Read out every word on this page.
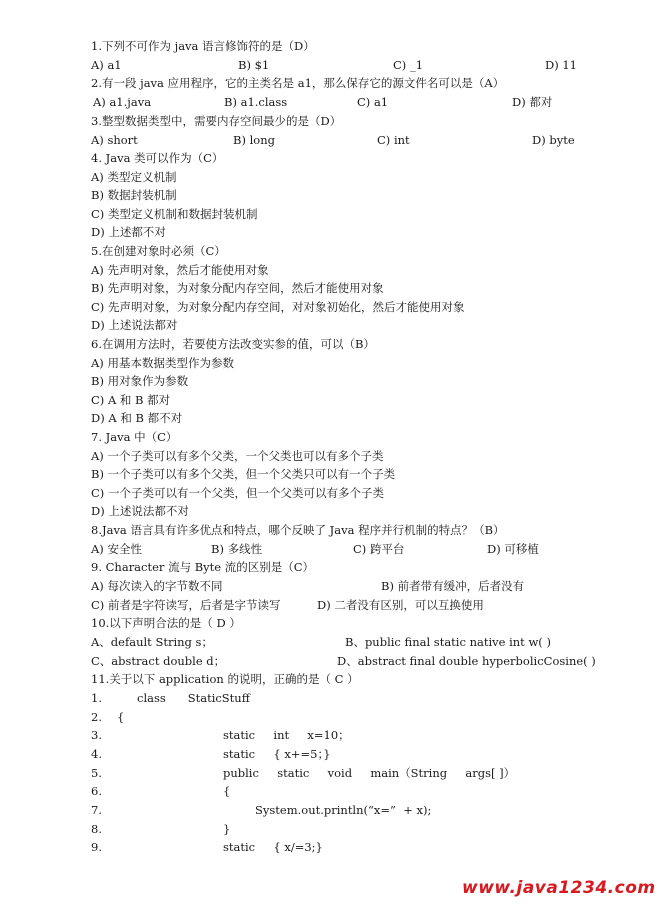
1.下列不可作为 java 语言修饰符的是（D）
A) a1	B) $1	C) _1	D) 11
2.有一段 java 应用程序，它的主类名是 a1，那么保存它的源文件名可以是（A）
A) a1.java	B) a1.class	C) a1	D) 都对
3.整型数据类型中，需要内存空间最少的是（D）
A) short	B) long	C) int	D) byte
4. Java 类可以作为（C）
A) 类型定义机制
B) 数据封装机制
C) 类型定义机制和数据封装机制
D) 上述都不对
5.在创建对象时必须（C）
A) 先声明对象，然后才能使用对象
B) 先声明对象，为对象分配内存空间，然后才能使用对象
C) 先声明对象，为对象分配内存空间，对对象初始化，然后才能使用对象
D) 上述说法都对
6.在调用方法时，若要使方法改变实参的值，可以（B）
A) 用基本数据类型作为参数
B) 用对象作为参数
C) A 和 B 都对
D) A 和 B 都不对
7. Java 中（C）
A) 一个子类可以有多个父类，一个父类也可以有多个子类
B) 一个子类可以有多个父类，但一个父类只可以有一个子类
C) 一个子类可以有一个父类，但一个父类可以有多个子类
D) 上述说法都不对
8.Java 语言具有许多优点和特点，哪个反映了 Java 程序并行机制的特点？（B）
A) 安全性	B) 多线性	C) 跨平台	D) 可移植
9. Character 流与 Byte 流的区别是（C）
A) 每次读入的字节数不同	B) 前者带有缓冲，后者没有
C) 前者是字符读写，后者是字节读写	D) 二者没有区别，可以互换使用
10.以下声明合法的是（ D ）
A、default String s；	B、public final static native int w( )
C、abstract double d；	D、abstract final double hyperbolicCosine( )
11.关于以下 application 的说明，正确的是（ C ）
1.	class      StaticStuff
2. {
3.	static     int     x=10；
4.	static     { x+=5；}
5.	public     static     void     main（String     args[ ]）
6.	{
7.	System.out.println(“x=”  + x);
8.	}
9.	static     { x/=3;}
www.java1234.com
